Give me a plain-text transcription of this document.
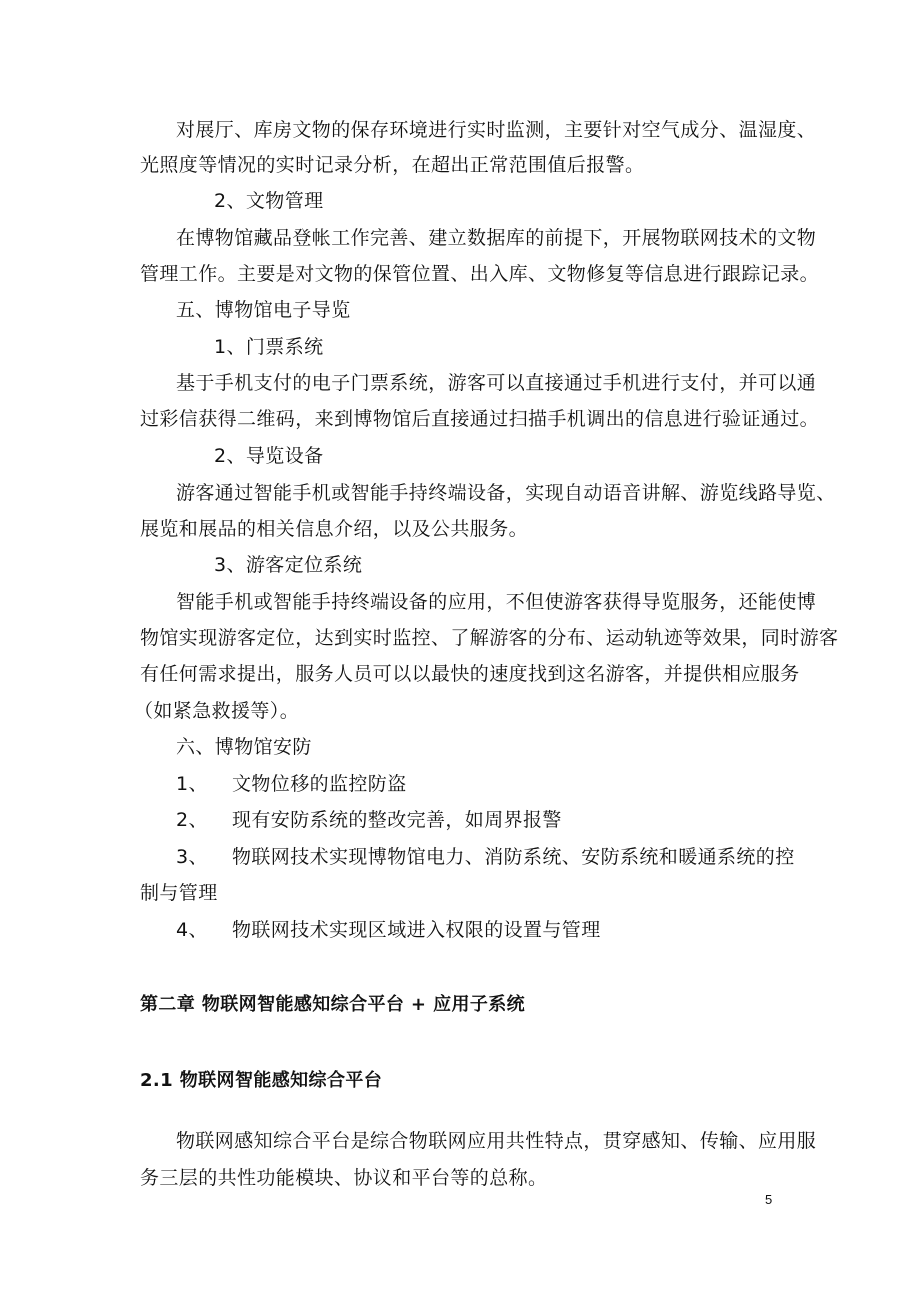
对展厅、库房文物的保存环境进行实时监测，主要针对空气成分、温湿度、
光照度等情况的实时记录分析，在超出正常范围值后报警。
2、文物管理
在博物馆藏品登帐工作完善、建立数据库的前提下，开展物联网技术的文物
管理工作。主要是对文物的保管位置、出入库、文物修复等信息进行跟踪记录。
五、博物馆电子导览
1、门票系统
基于手机支付的电子门票系统，游客可以直接通过手机进行支付，并可以通
过彩信获得二维码，来到博物馆后直接通过扫描手机调出的信息进行验证通过。
2、导览设备
游客通过智能手机或智能手持终端设备，实现自动语音讲解、游览线路导览、
展览和展品的相关信息介绍，以及公共服务。
3、游客定位系统
智能手机或智能手持终端设备的应用，不但使游客获得导览服务，还能使博
物馆实现游客定位，达到实时监控、了解游客的分布、运动轨迹等效果，同时游客
有任何需求提出，服务人员可以以最快的速度找到这名游客，并提供相应服务
（如紧急救援等）。
六、博物馆安防
1、	文物位移的监控防盗
2、	现有安防系统的整改完善，如周界报警
3、	物联网技术实现博物馆电力、消防系统、安防系统和暖通系统的控
制与管理
4、	物联网技术实现区域进入权限的设置与管理
第二章 物联网智能感知综合平台 + 应用子系统
2.1 物联网智能感知综合平台
物联网感知综合平台是综合物联网应用共性特点，贯穿感知、传输、应用服
务三层的共性功能模块、协议和平台等的总称。
5
